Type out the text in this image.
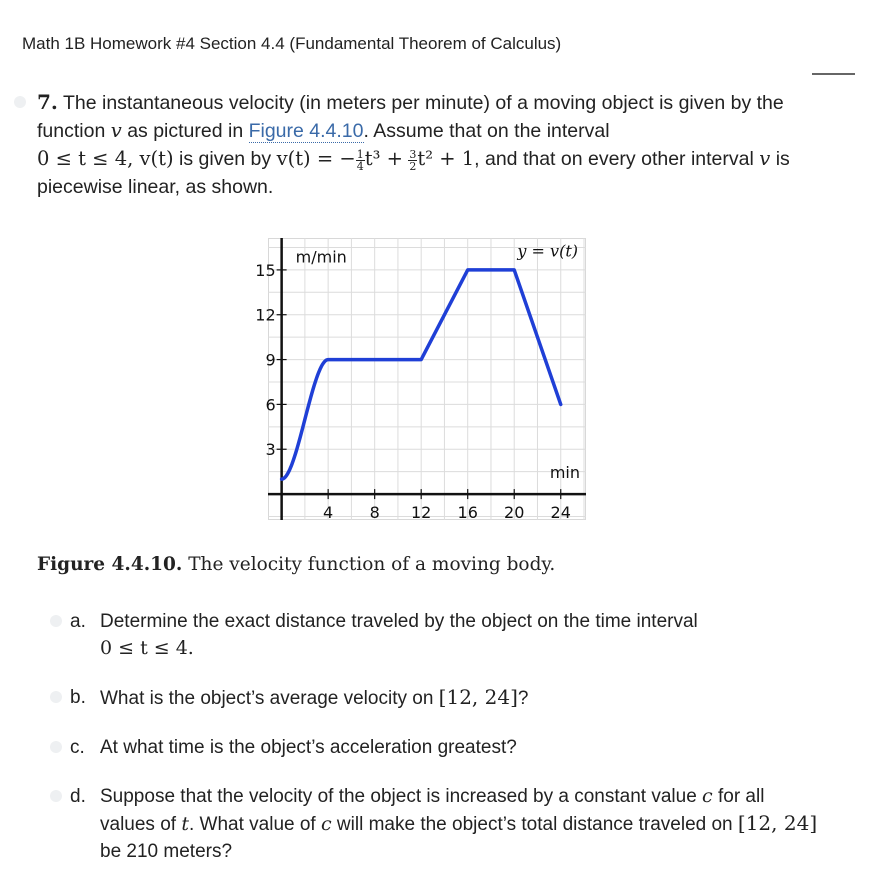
Math 1B Homework #4 Section 4.4 (Fundamental Theorem of Calculus)
7. The instantaneous velocity (in meters per minute) of a moving object is given by the function v as pictured in Figure 4.4.10. Assume that on the interval
0 ≤ t ≤ 4, v(t) is given by v(t) = − $\frac{1}{4} t^3 + \frac{3}{2} t^2 + 1$, and that on every other interval v is piecewise linear, as shown.
4 8 12 16 20 24
3
6
9
12
15
m/min
min
y = v(t)
Figure 4.4.10. The velocity function of a moving body.
a. Determine the exact distance traveled by the object on the time interval
0 ≤ t ≤ 4.
b. What is the object’s average velocity on [12, 24]?
c. At what time is the object’s acceleration greatest?
d. Suppose that the velocity of the object is increased by a constant value c for all values of t. What value of c will make the object’s total distance traveled on [12, 24] be 210 meters?
